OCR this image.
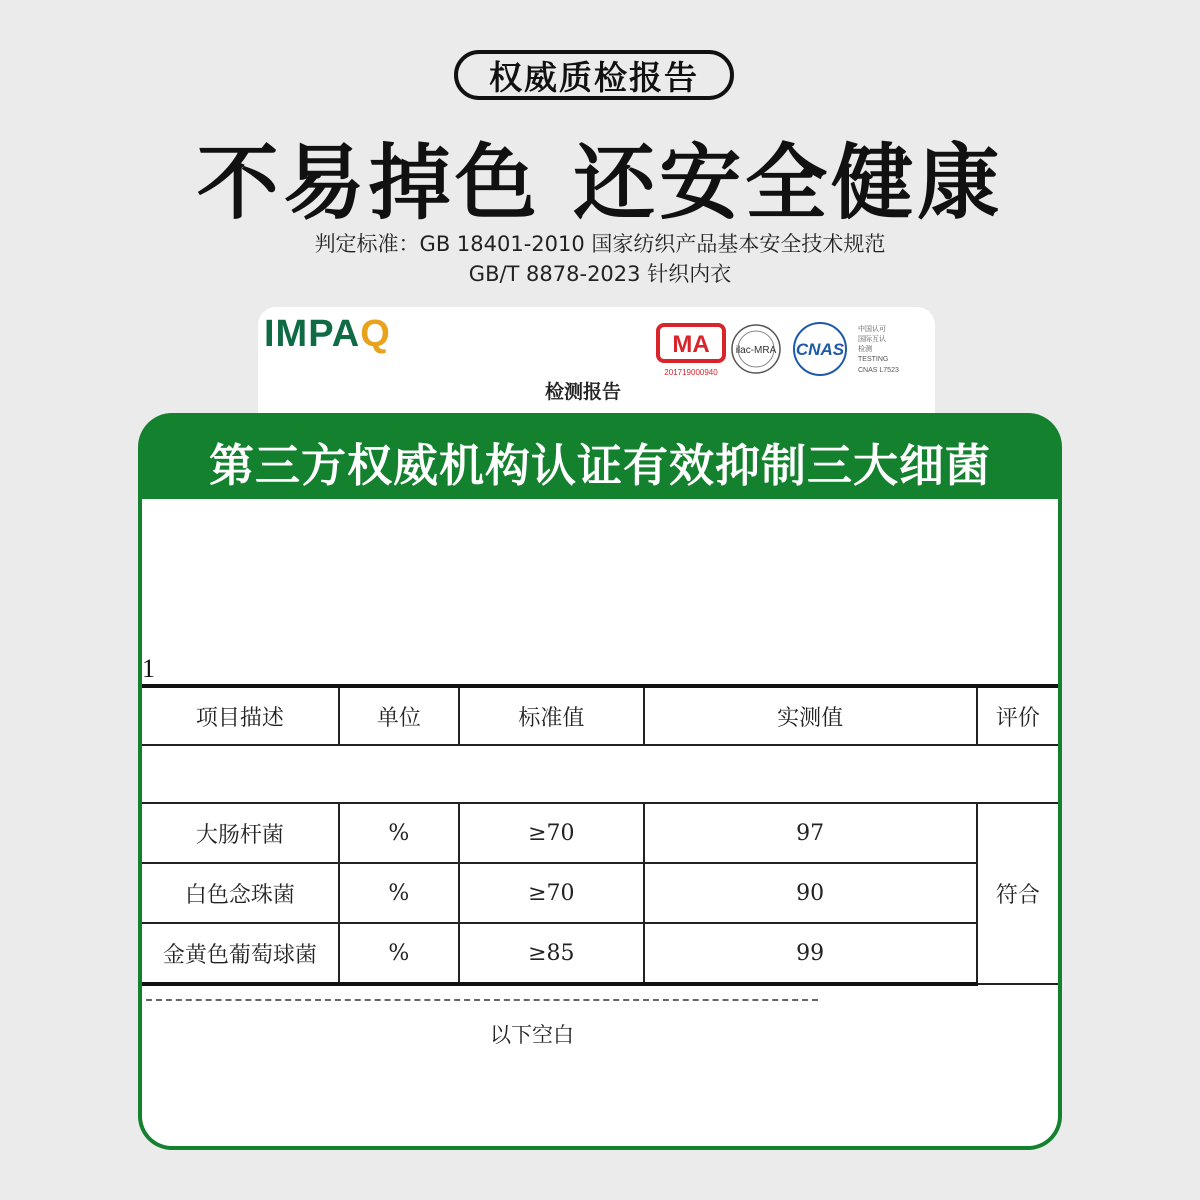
权威质检报告
不易掉色 还安全健康
判定标准：GB 18401-2010 国家纺织产品基本安全技术规范
GB/T 8878-2023 针织内衣
IMPAQ	MA
201719000940
ilac-MRA CNAS
中国认可
国际互认
检测
TESTING
CNAS L7523
检测报告
第三方权威机构认证有效抑制三大细菌
1
项目描述	单位	标准值	实测值	评价

大肠杆菌	%	≥70	97	符合
白色念珠菌	%	≥70	90	
金黄色葡萄球菌	%	≥85	99	
以下空白
